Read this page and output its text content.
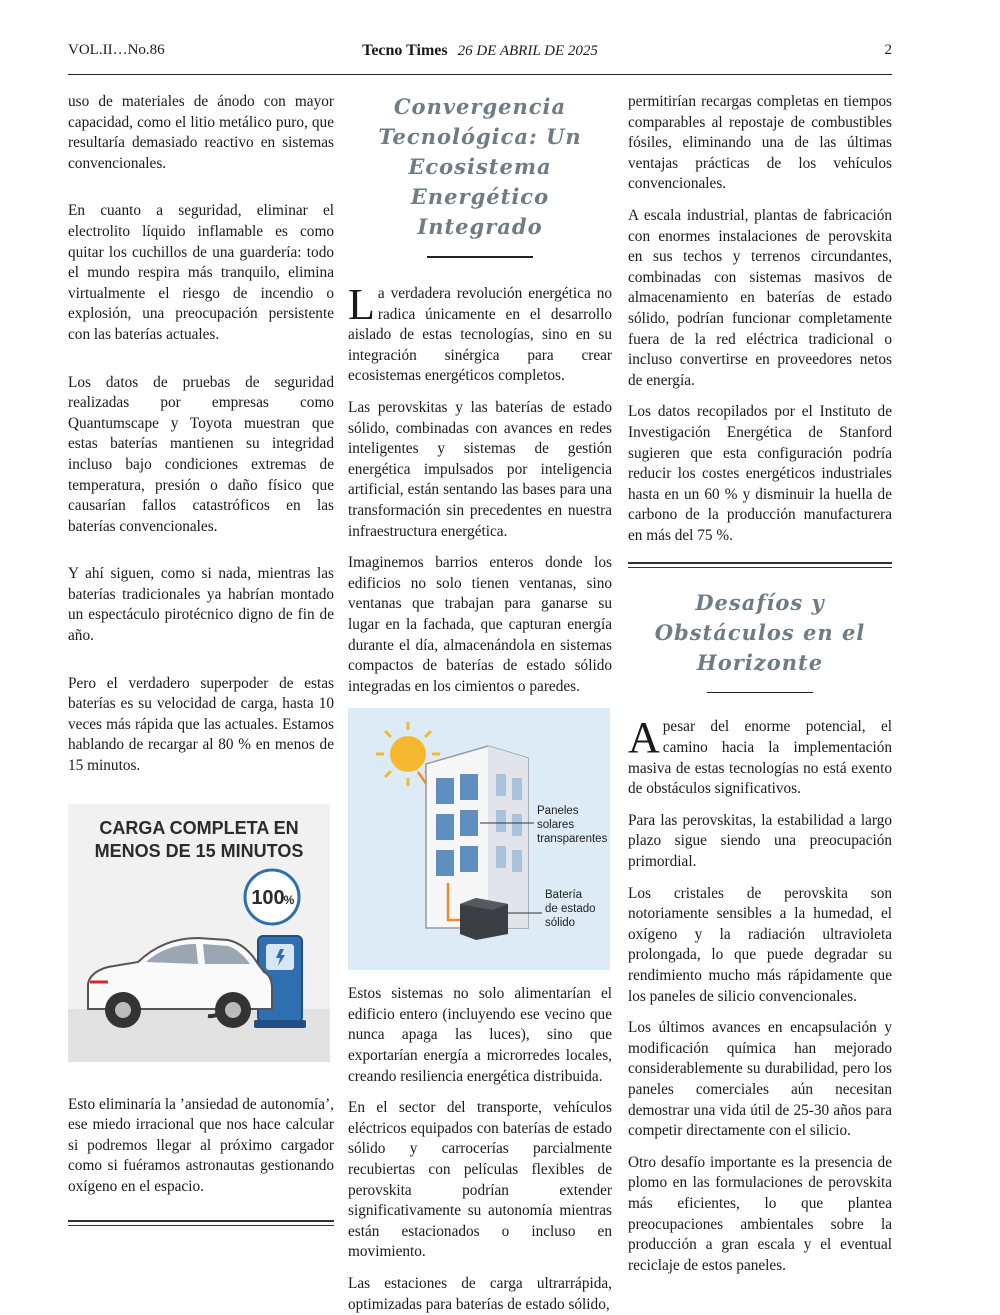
VOL.II…No.86	Tecno Times 26 DE ABRIL DE 2025	2

uso de materiales de ánodo con mayor capacidad, como el litio metálico puro, que resultaría demasiado reactivo en sistemas convencionales.

En cuanto a seguridad, eliminar el electrolito líquido inflamable es como quitar los cuchillos de una guardería: todo el mundo respira más tranquilo, elimina virtualmente el riesgo de incendio o explosión, una preocupación persistente con las baterías actuales.

Los datos de pruebas de seguridad realizadas por empresas como Quantumscape y Toyota muestran que estas baterías mantienen su integridad incluso bajo condiciones extremas de temperatura, presión o daño físico que causarían fallos catastróficos en las baterías convencionales.

Y ahí siguen, como si nada, mientras las baterías tradicionales ya habrían montado un espectáculo pirotécnico digno de fin de año.

Pero el verdadero superpoder de estas baterías es su velocidad de carga, hasta 10 veces más rápida que las actuales. Estamos hablando de recargar al 80 % en menos de 15 minutos.

CARGA COMPLETA EN
MENOS DE 15 MINUTOS
100
%

Esto eliminaría la ’ansiedad de autonomía’, ese miedo irracional que nos hace calcular si podremos llegar al próximo cargador como si fuéramos astronautas gestionando oxígeno en el espacio.

Convergencia Tecnológica: Un Ecosistema Energético Integrado

La verdadera revolución energética no radica únicamente en el desarrollo aislado de estas tecnologías, sino en su integración sinérgica para crear ecosistemas energéticos completos.

Las perovskitas y las baterías de estado sólido, combinadas con avances en redes inteligentes y sistemas de gestión energética impulsados por inteligencia artificial, están sentando las bases para una transformación sin precedentes en nuestra infraestructura energética.

Imaginemos barrios enteros donde los edificios no solo tienen ventanas, sino ventanas que trabajan para ganarse su lugar en la fachada, que capturan energía durante el día, almacenándola en sistemas compactos de baterías de estado sólido integradas en los cimientos o paredes.

Paneles
solares
transparentes
Batería
de estado
sólido

Estos sistemas no solo alimentarían el edificio entero (incluyendo ese vecino que nunca apaga las luces), sino que exportarían energía a microrredes locales, creando resiliencia energética distribuida.

En el sector del transporte, vehículos eléctricos equipados con baterías de estado sólido y carrocerías parcialmente recubiertas con películas flexibles de perovskita podrían extender significativamente su autonomía mientras están estacionados o incluso en movimiento.

Las estaciones de carga ultrarrápida, optimizadas para baterías de estado sólido,

permitirían recargas completas en tiempos comparables al repostaje de combustibles fósiles, eliminando una de las últimas ventajas prácticas de los vehículos convencionales.

A escala industrial, plantas de fabricación con enormes instalaciones de perovskita en sus techos y terrenos circundantes, combinadas con sistemas masivos de almacenamiento en baterías de estado sólido, podrían funcionar completamente fuera de la red eléctrica tradicional o incluso convertirse en proveedores netos de energía.

Los datos recopilados por el Instituto de Investigación Energética de Stanford sugieren que esta configuración podría reducir los costes energéticos industriales hasta en un 60 % y disminuir la huella de carbono de la producción manufacturera en más del 75 %.

Desafíos y Obstáculos en el Horizonte

Apesar del enorme potencial, el camino hacia la implementación masiva de estas tecnologías no está exento de obstáculos significativos.

Para las perovskitas, la estabilidad a largo plazo sigue siendo una preocupación primordial.

Los cristales de perovskita son notoriamente sensibles a la humedad, el oxígeno y la radiación ultravioleta prolongada, lo que puede degradar su rendimiento mucho más rápidamente que los paneles de silicio convencionales.

Los últimos avances en encapsulación y modificación química han mejorado considerablemente su durabilidad, pero los paneles comerciales aún necesitan demostrar una vida útil de 25-30 años para competir directamente con el silicio.

Otro desafío importante es la presencia de plomo en las formulaciones de perovskita más eficientes, lo que plantea preocupaciones ambientales sobre la producción a gran escala y el eventual reciclaje de estos paneles.
